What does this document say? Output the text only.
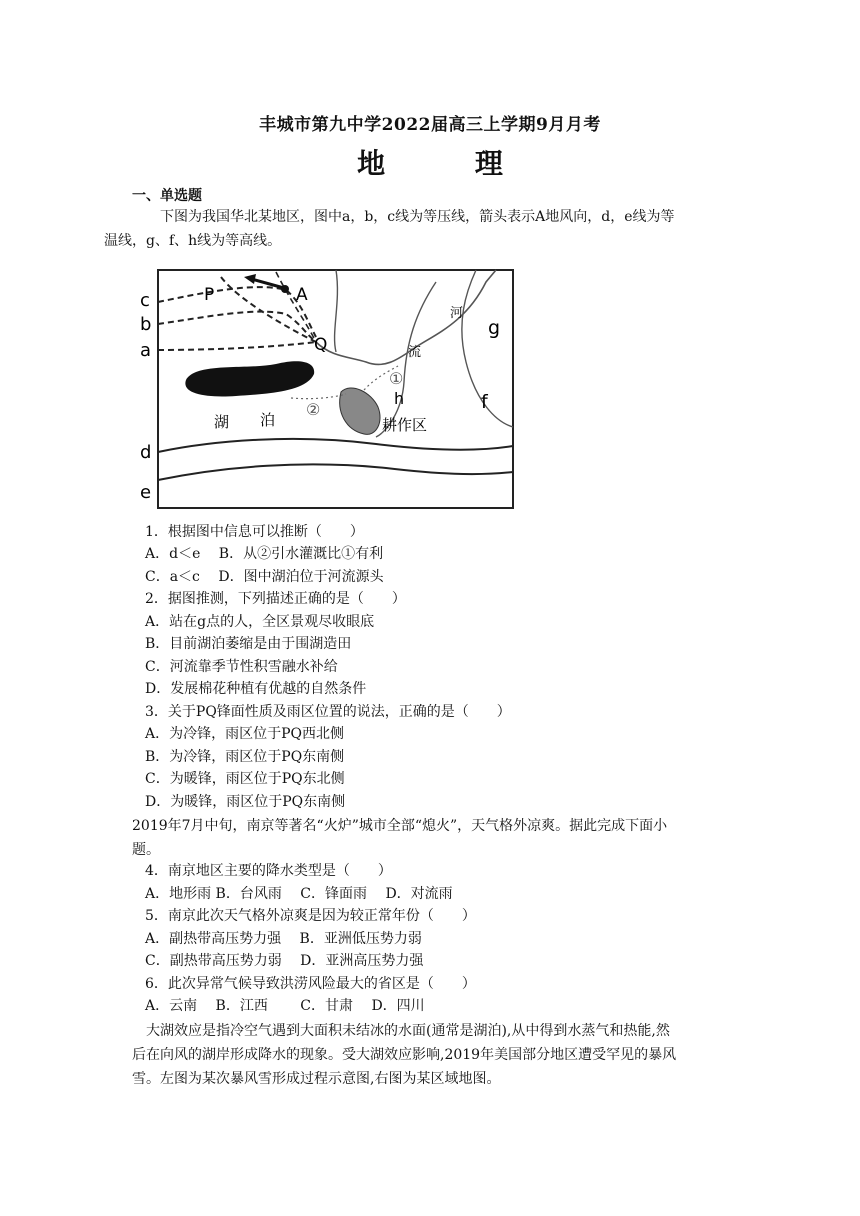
丰城市第九中学2022届高三上学期9月月考
地 理
一、单选题
下图为我国华北某地区，图中a，b，c线为等压线，箭头表示A地风向，d，e线为等
温线，g、f、h线为等高线。
c
b
a
d
e
P	A
Q
g
f
h
湖 泊
河
流
耕作区
①
②
1．根据图中信息可以推断（　　）
A．d＜e　 B．从②引水灌溉比①有利
C．a＜c　 D．图中湖泊位于河流源头
2．据图推测，下列描述正确的是（　　）
A．站在g点的人，全区景观尽收眼底
B．目前湖泊萎缩是由于围湖造田
C．河流靠季节性积雪融水补给
D．发展棉花种植有优越的自然条件
3．关于PQ锋面性质及雨区位置的说法，正确的是（　　）
A．为冷锋，雨区位于PQ西北侧
B．为冷锋，雨区位于PQ东南侧
C．为暖锋，雨区位于PQ东北侧
D．为暖锋，雨区位于PQ东南侧
2019年7月中旬，南京等著名“火炉”城市全部“熄火”，天气格外凉爽。据此完成下面小
题。
4．南京地区主要的降水类型是（　　）
A．地形雨 B．台风雨　 C．锋面雨　 D．对流雨
5．南京此次天气格外凉爽是因为较正常年份（　　）
A．副热带高压势力强　 B．亚洲低压势力弱
C．副热带高压势力弱　 D．亚洲高压势力强
6．此次异常气候导致洪涝风险最大的省区是（　　）
A．云南　 B．江西　　 C．甘肃　 D．四川
大湖效应是指冷空气遇到大面积未结冰的水面(通常是湖泊),从中得到水蒸气和热能,然
后在向风的湖岸形成降水的现象。受大湖效应影响,2019年美国部分地区遭受罕见的暴风
雪。左图为某次暴风雪形成过程示意图,右图为某区域地图。
